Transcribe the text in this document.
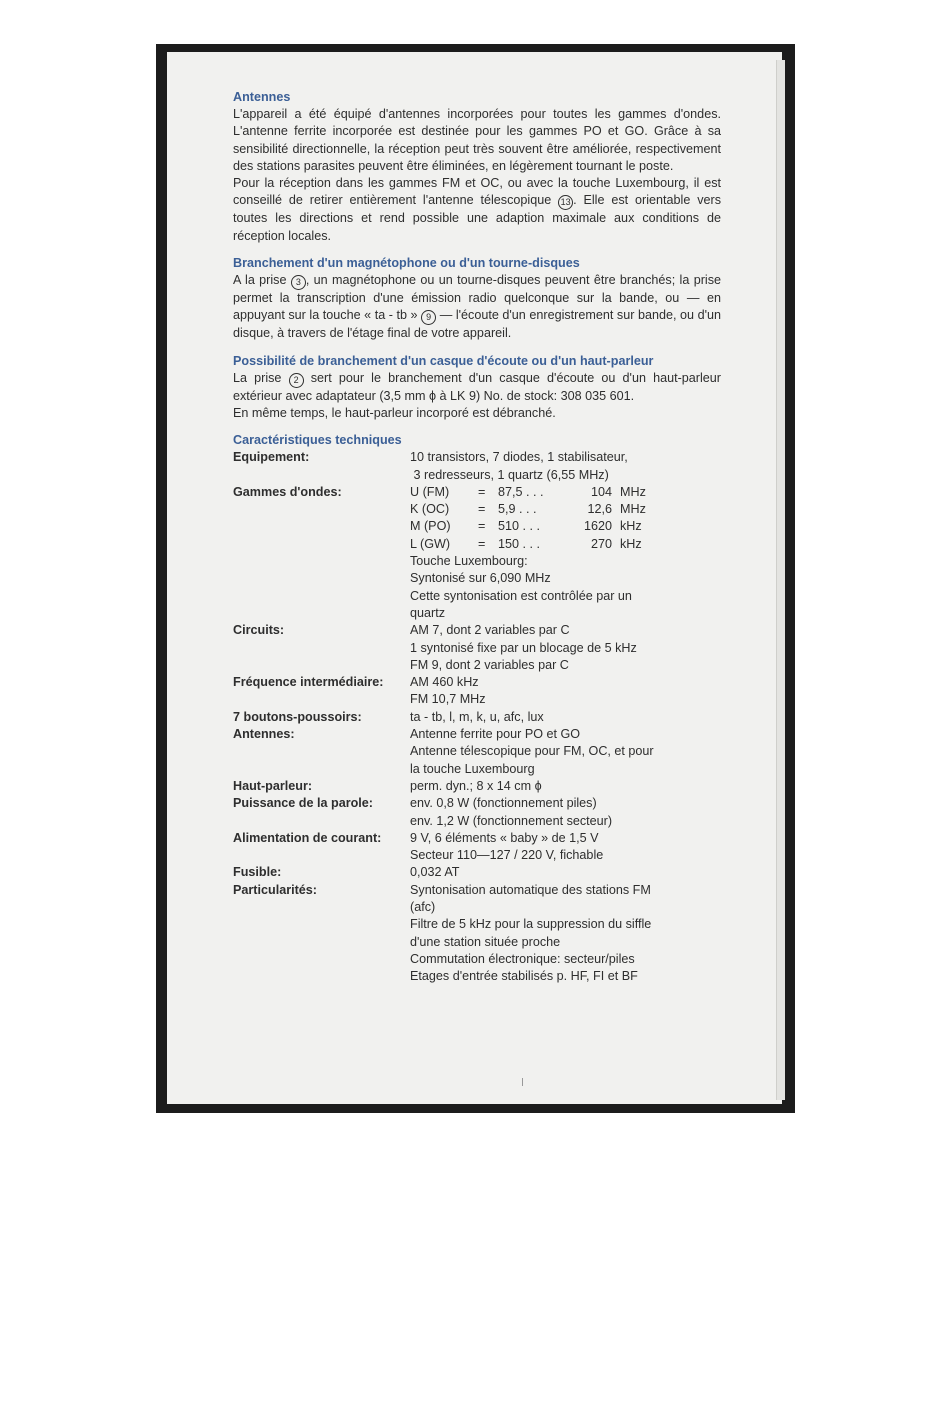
Antennes

L'appareil a été équipé d'antennes incorporées pour toutes les gammes d'ondes. L'antenne ferrite incorporée est destinée pour les gammes PO et GO. Grâce à sa sensibilité directionnelle, la réception peut très souvent être améliorée, respectivement des stations parasites peuvent être éliminées, en légèrement tournant le poste.

Pour la réception dans les gammes FM et OC, ou avec la touche Luxembourg, il est conseillé de retirer entièrement l'antenne télescopique 13 . Elle est orientable vers toutes les directions et rend possible une adaption maximale aux conditions de réception locales.

Branchement d'un magnétophone ou d'un tourne-disques

A la prise 3 , un magnétophone ou un tourne-disques peuvent être branchés; la prise permet la transcription d'une émission radio quelconque sur la bande, ou — en appuyant sur la touche « ta - tb » 9 — l'écoute d'un enregistrement sur bande, ou d'un disque, à travers de l'étage final de votre appareil.

Possibilité de branchement d'un casque d'écoute ou d'un haut-parleur

La prise 2 sert pour le branchement d'un casque d'écoute ou d'un haut-parleur extérieur avec adaptateur (3,5 mm ϕ à LK 9) No. de stock: 308 035 601.

En même temps, le haut-parleur incorporé est débranché.

Caractéristiques techniques
Equipement:	10 transistors, 7 diodes, 1 stabilisateur,
3 redresseurs, 1 quartz (6,55 MHz)
Gammes d'ondes:	U (FM)	=	87,5 . . .	104 MHz
K (OC)	=	5,9 . . .	12,6 MHz
M (PO)	=	510 . . .	1620 kHz
L (GW)	=	150 . . .	270 kHz
Touche Luxembourg:
Syntonisé sur 6,090 MHz
Cette syntonisation est contrôlée par un
quartz
Circuits:	AM 7, dont 2 variables par C
1 syntonisé fixe par un blocage de 5 kHz
FM 9, dont 2 variables par C
Fréquence intermédiaire:	AM 460 kHz
FM 10,7 MHz
7 boutons-poussoirs:	ta - tb, l, m, k, u, afc, lux
Antennes:	Antenne ferrite pour PO et GO
Antenne télescopique pour FM, OC, et pour
la touche Luxembourg
Haut-parleur:	perm. dyn.; 8 x 14 cm ϕ
Puissance de la parole:	env. 0,8 W (fonctionnement piles)
env. 1,2 W (fonctionnement secteur)
Alimentation de courant:	9 V, 6 éléments « baby » de 1,5 V
Secteur 110—127 / 220 V, fichable
Fusible:	0,032 AT
Particularités:	Syntonisation automatique des stations FM
(afc)
Filtre de 5 kHz pour la suppression du siffle
d'une station située proche
Commutation électronique: secteur/piles
Etages d'entrée stabilisés p. HF, FI et BF
